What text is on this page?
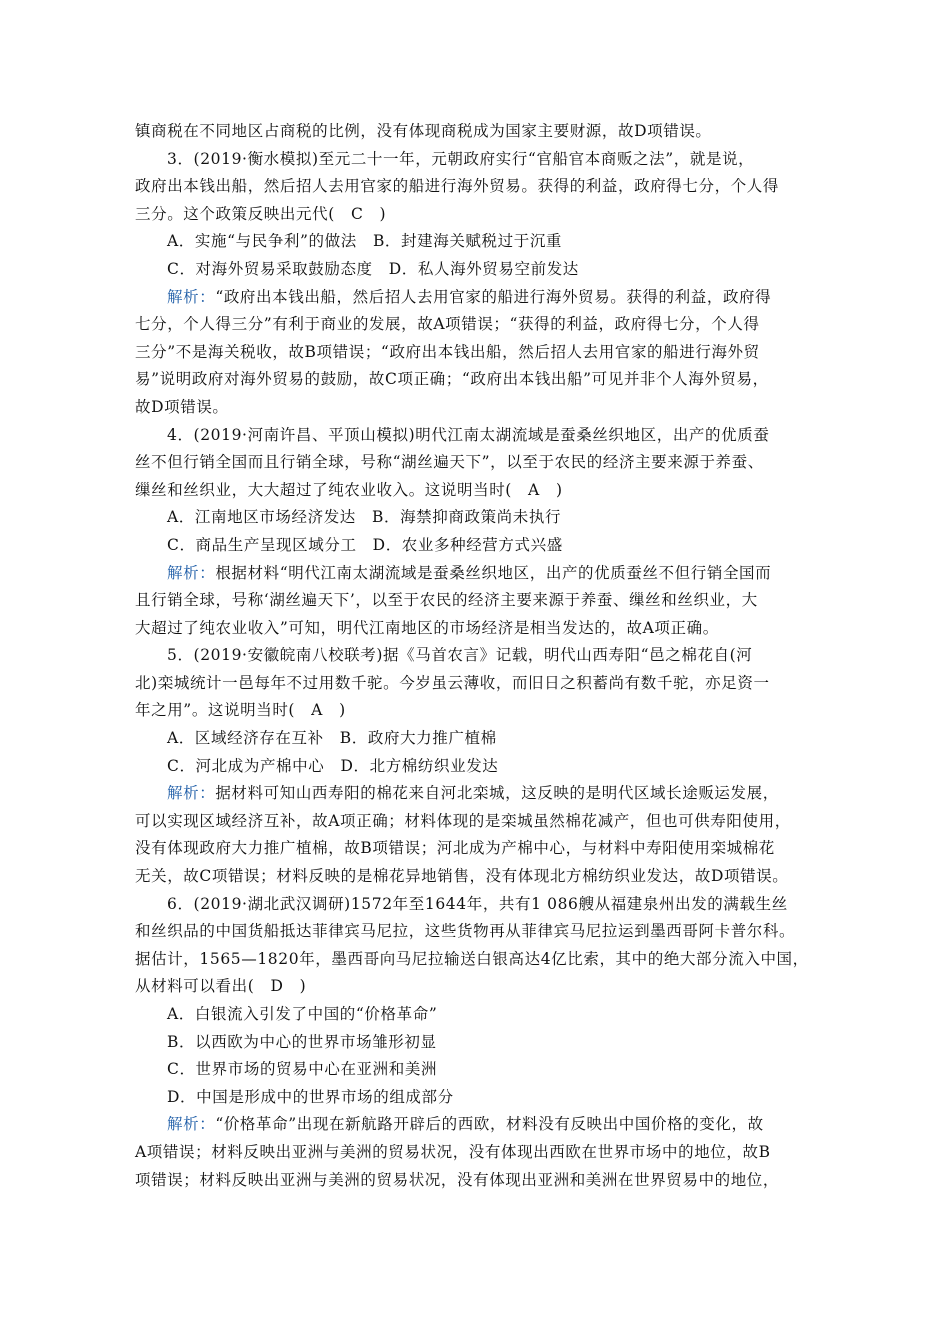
镇商税在不同地区占商税的比例，没有体现商税成为国家主要财源，故D项错误。
3．(2019·衡水模拟)至元二十一年，元朝政府实行“官船官本商贩之法”，就是说，
政府出本钱出船，然后招人去用官家的船进行海外贸易。获得的利益，政府得七分，个人得
三分。这个政策反映出元代(　C　)
A．实施“与民争利”的做法　B．封建海关赋税过于沉重
C．对海外贸易采取鼓励态度　D．私人海外贸易空前发达
解析：“政府出本钱出船，然后招人去用官家的船进行海外贸易。获得的利益，政府得
七分，个人得三分”有利于商业的发展，故A项错误；“获得的利益，政府得七分，个人得
三分”不是海关税收，故B项错误；“政府出本钱出船，然后招人去用官家的船进行海外贸
易”说明政府对海外贸易的鼓励，故C项正确；“政府出本钱出船”可见并非个人海外贸易，
故D项错误。
4．(2019·河南许昌、平顶山模拟)明代江南太湖流域是蚕桑丝织地区，出产的优质蚕
丝不但行销全国而且行销全球，号称“湖丝遍天下”，以至于农民的经济主要来源于养蚕、
缫丝和丝织业，大大超过了纯农业收入。这说明当时(　A　)
A．江南地区市场经济发达　B．海禁抑商政策尚未执行
C．商品生产呈现区域分工　D．农业多种经营方式兴盛
解析：根据材料“明代江南太湖流域是蚕桑丝织地区，出产的优质蚕丝不但行销全国而
且行销全球，号称‘湖丝遍天下’，以至于农民的经济主要来源于养蚕、缫丝和丝织业，大
大超过了纯农业收入”可知，明代江南地区的市场经济是相当发达的，故A项正确。
5．(2019·安徽皖南八校联考)据《马首农言》记载，明代山西寿阳“邑之棉花自(河
北)栾城统计一邑每年不过用数千驼。今岁虽云薄收，而旧日之积蓄尚有数千驼，亦足资一
年之用”。这说明当时(　A　)
A．区域经济存在互补　B．政府大力推广植棉
C．河北成为产棉中心　D．北方棉纺织业发达
解析：据材料可知山西寿阳的棉花来自河北栾城，这反映的是明代区域长途贩运发展，
可以实现区域经济互补，故A项正确；材料体现的是栾城虽然棉花减产，但也可供寿阳使用，
没有体现政府大力推广植棉，故B项错误；河北成为产棉中心，与材料中寿阳使用栾城棉花
无关，故C项错误；材料反映的是棉花异地销售，没有体现北方棉纺织业发达，故D项错误。
6．(2019·湖北武汉调研)1572年至1644年，共有1 086艘从福建泉州出发的满载生丝
和丝织品的中国货船抵达菲律宾马尼拉，这些货物再从菲律宾马尼拉运到墨西哥阿卡普尔科。
据估计，1565—1820年，墨西哥向马尼拉输送白银高达4亿比索，其中的绝大部分流入中国，
从材料可以看出(　D　)
A．白银流入引发了中国的“价格革命”
B．以西欧为中心的世界市场雏形初显
C．世界市场的贸易中心在亚洲和美洲
D．中国是形成中的世界市场的组成部分
解析：“价格革命”出现在新航路开辟后的西欧，材料没有反映出中国价格的变化，故
A项错误；材料反映出亚洲与美洲的贸易状况，没有体现出西欧在世界市场中的地位，故B
项错误；材料反映出亚洲与美洲的贸易状况，没有体现出亚洲和美洲在世界贸易中的地位，
